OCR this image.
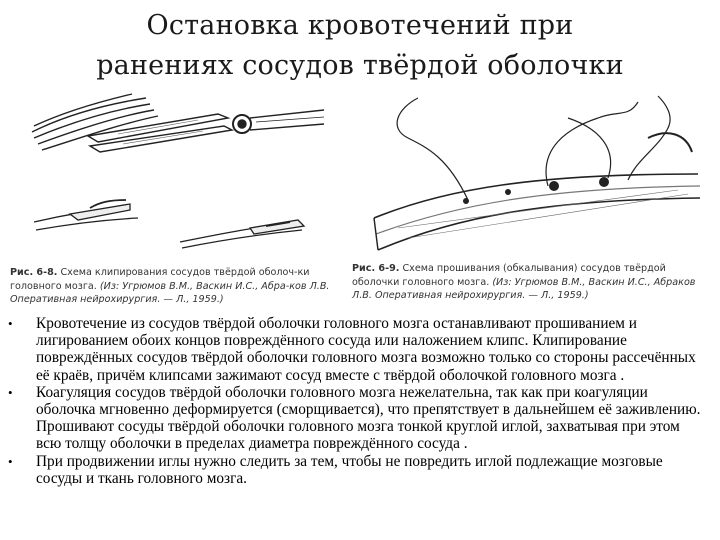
Остановка кровотечений при
ранениях сосудов твёрдой оболочки
Рис. 6-8. Схема клипирования сосудов твёрдой оболоч-ки головного мозга. (Из: Угрюмов В.М., Васкин И.С., Абра-ков Л.В. Оперативная нейрохирургия. — Л., 1959.)
Рис. 6-9. Схема прошивания (обкалывания) сосудов твёрдой оболочки головного мозга. (Из: Угрюмов В.М., Васкин И.С., Абраков Л.В. Оперативная нейрохирургия. — Л., 1959.)
• Кровотечение из сосудов твёрдой оболочки головного мозга останавливают прошиванием и лигированием обоих концов повреждённого сосуда или наложением клипс. Клипирование повреждённых сосудов твёрдой оболочки головного мозга возможно только со стороны рассечённых её краёв, причём клипсами зажимают сосуд вместе с твёрдой оболочкой головного мозга .
• Коагуляция сосудов твёрдой оболочки головного мозга нежелательна, так как при коагуляции оболочка мгновенно деформируется (сморщивается), что препятствует в дальнейшем её заживлению. Прошивают сосуды твёрдой оболочки головного мозга тонкой круглой иглой, захватывая при этом всю толщу оболочки в пределах диаметра повреждённого сосуда .
• При продвижении иглы нужно следить за тем, чтобы не повредить иглой подлежащие мозговые сосуды и ткань головного мозга.
